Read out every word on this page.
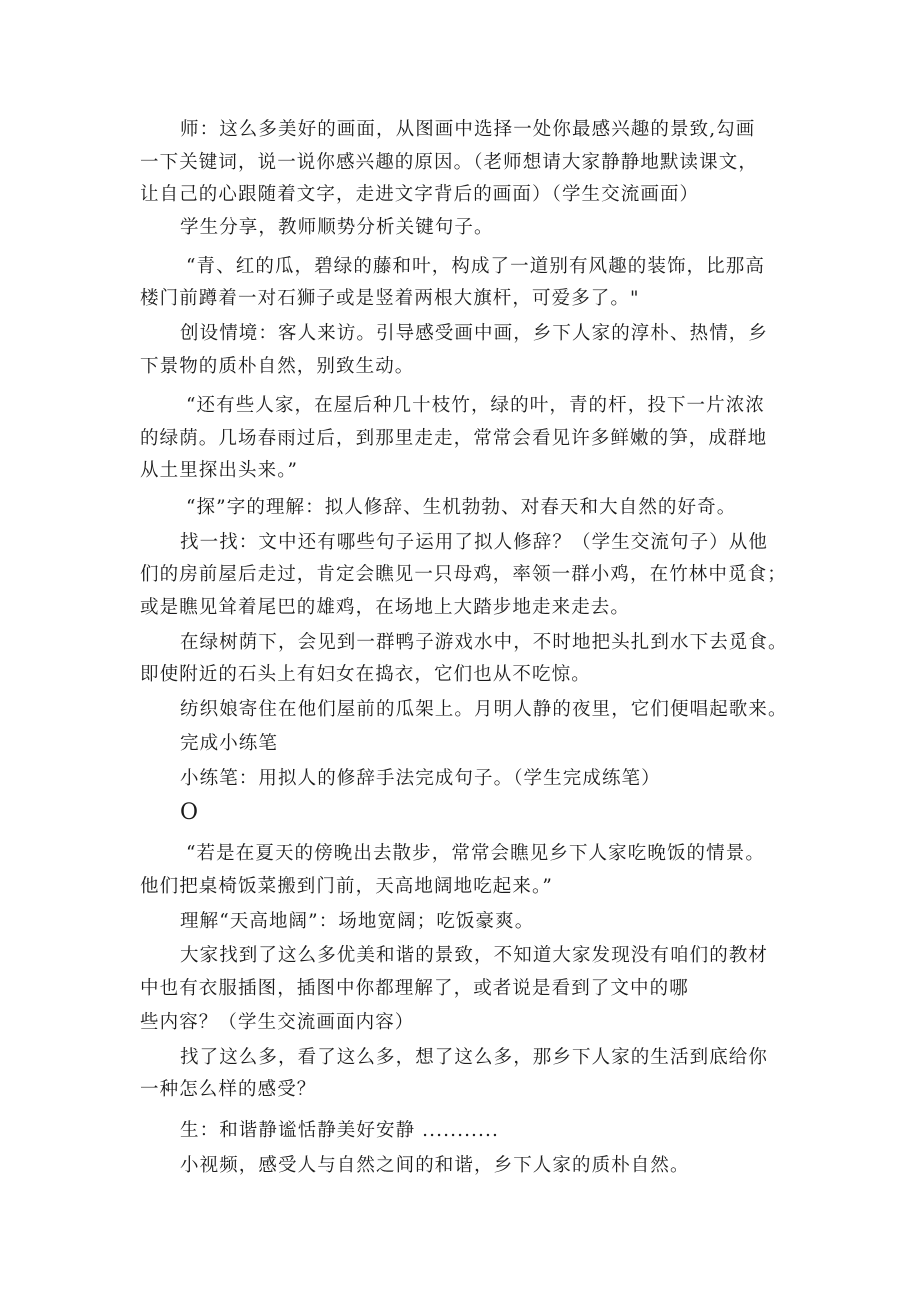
师：这么多美好的画面，从图画中选择一处你最感兴趣的景致,勾画
一下关键词，说一说你感兴趣的原因。（老师想请大家静静地默读课文，
让自己的心跟随着文字，走进文字背后的画面）（学生交流画面）
学生分享，教师顺势分析关键句子。
“青、红的瓜，碧绿的藤和叶，构成了一道别有风趣的装饰，比那高
楼门前蹲着一对石狮子或是竖着两根大旗杆，可爱多了。"
创设情境：客人来访。引导感受画中画，乡下人家的淳朴、热情，乡
下景物的质朴自然，别致生动。
“还有些人家，在屋后种几十枝竹，绿的叶，青的杆，投下一片浓浓
的绿荫。几场春雨过后，到那里走走，常常会看见许多鲜嫩的笋，成群地
从土里探出头来。”
“探”字的理解：拟人修辞、生机勃勃、对春天和大自然的好奇。
找一找：文中还有哪些句子运用了拟人修辞？（学生交流句子）从他
们的房前屋后走过，肯定会瞧见一只母鸡，率领一群小鸡，在竹林中觅食；
或是瞧见耸着尾巴的雄鸡，在场地上大踏步地走来走去。
在绿树荫下，会见到一群鸭子游戏水中，不时地把头扎到水下去觅食。
即使附近的石头上有妇女在捣衣，它们也从不吃惊。
纺织娘寄住在他们屋前的瓜架上。月明人静的夜里，它们便唱起歌来。
完成小练笔
小练笔：用拟人的修辞手法完成句子。（学生完成练笔）
O
“若是在夏天的傍晚出去散步，常常会瞧见乡下人家吃晚饭的情景。
他们把桌椅饭菜搬到门前，天高地阔地吃起来。”
理解“天高地阔”：场地宽阔；吃饭豪爽。
大家找到了这么多优美和谐的景致，不知道大家发现没有咱们的教材
中也有衣服插图，插图中你都理解了，或者说是看到了文中的哪
些内容？（学生交流画面内容）
找了这么多，看了这么多，想了这么多，那乡下人家的生活到底给你
一种怎么样的感受？
生：和谐静谧恬静美好安静 ...........
小视频，感受人与自然之间的和谐，乡下人家的质朴自然。
